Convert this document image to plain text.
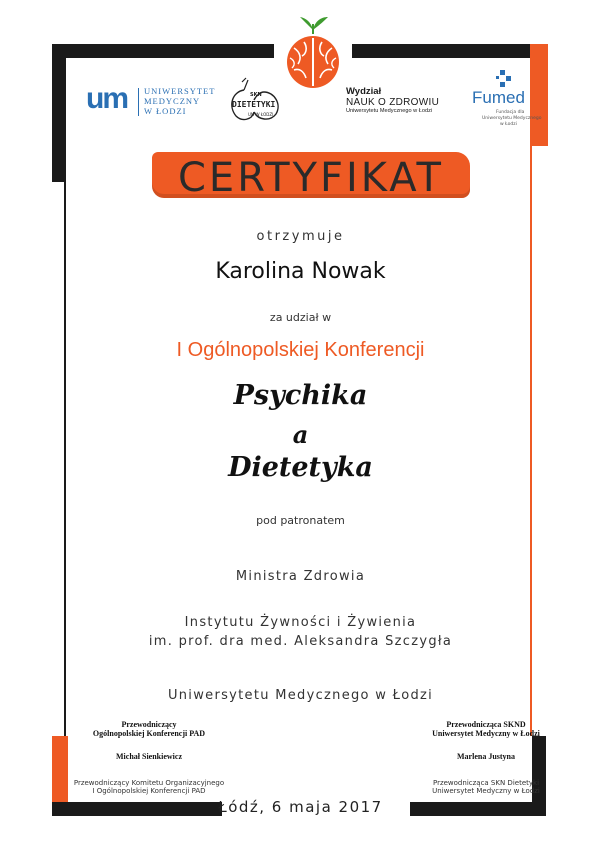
um UNIWERSYTET
MEDYCZNY
W ŁODZI
SKN
DIETETYKI
UM W ŁODZI
Wydział
NAUK O ZDROWIU
Uniwersytetu Medycznego w Łodzi
Fumed
Fundacja dla
Uniwersytetu Medycznego
w Łodzi
CERTYFIKAT
otrzymuje
Karolina Nowak
za udział w
I Ogólnopolskiej Konferencji
Psychika
a
Dietetyka
pod patronatem
Ministra Zdrowia
Instytutu Żywności i Żywienia
im. prof. dra med. Aleksandra Szczygła
Uniwersytetu Medycznego w Łodzi
Przewodniczący
Ogólnopolskiej Konferencji PAD
Michał Sienkiewicz
Przewodniczący Komitetu Organizacyjnego
I Ogólnopolskiej Konferencji PAD
Przewodnicząca SKND
Uniwersytet Medyczny w Łodzi
Marlena Justyna
Przewodnicząca SKN Dietetyki
Uniwersytet Medyczny w Łodzi
Łódź, 6 maja 2017
